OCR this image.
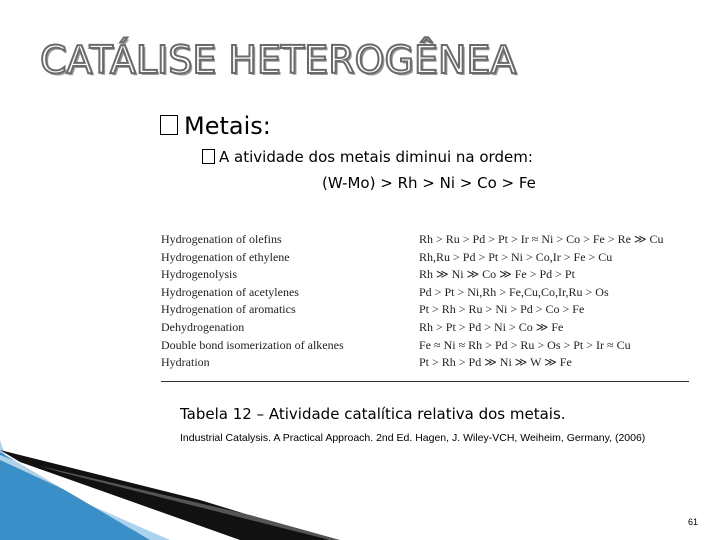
CATÁLISE HETEROGÊNEA
Metais:
A atividade dos metais diminui na ordem:
(W-Mo) > Rh > Ni > Co > Fe
Hydrogenation of olefins	Rh > Ru > Pd > Pt > Ir ≈ Ni > Co > Fe > Re ≫ Cu
Hydrogenation of ethylene	Rh,Ru > Pd > Pt > Ni > Co,Ir > Fe > Cu
Hydrogenolysis	Rh ≫ Ni ≫ Co ≫ Fe > Pd > Pt
Hydrogenation of acetylenes	Pd > Pt > Ni,Rh > Fe,Cu,Co,Ir,Ru > Os
Hydrogenation of aromatics	Pt > Rh > Ru > Ni > Pd > Co > Fe
Dehydrogenation	Rh > Pt > Pd > Ni > Co ≫ Fe
Double bond isomerization of alkenes	Fe ≈ Ni ≈ Rh > Pd > Ru > Os > Pt > Ir ≈ Cu
Hydration	Pt > Rh > Pd ≫ Ni ≫ W ≫ Fe
Tabela 12 – Atividade catalítica relativa dos metais.
Industrial Catalysis. A Practical Approach. 2nd Ed. Hagen, J. Wiley-VCH, Weiheim, Germany, (2006)
61
